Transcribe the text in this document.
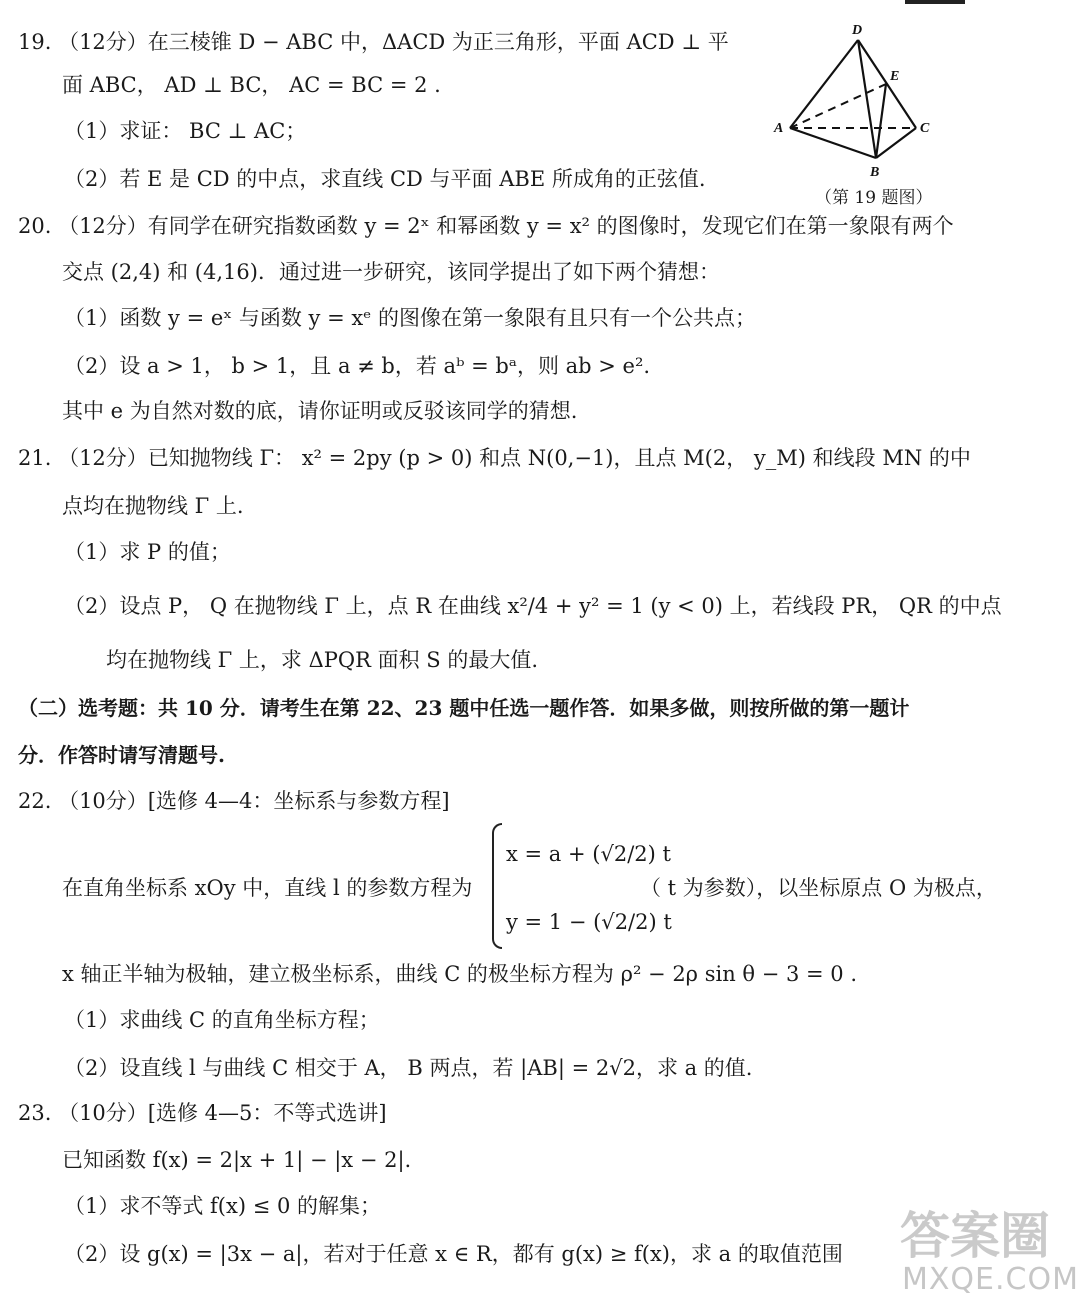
19. （12分）在三棱锥 D − ABC 中，ΔACD 为正三角形，平面 ACD ⊥ 平
面 ABC， AD ⊥ BC， AC = BC = 2 .
（1）求证： BC ⊥ AC；
（2）若 E 是 CD 的中点，求直线 CD 与平面 ABE 所成角的正弦值.
D
E
A	C
B
（第 19 题图）
20. （12分）有同学在研究指数函数 y = 2ˣ 和幂函数 y = x² 的图像时，发现它们在第一象限有两个
交点 (2,4) 和 (4,16)．通过进一步研究，该同学提出了如下两个猜想：
（1）函数 y = eˣ 与函数 y = xᵉ 的图像在第一象限有且只有一个公共点；
（2）设 a > 1， b > 1，且 a ≠ b，若 aᵇ = bᵃ，则 ab > e².
其中 e 为自然对数的底，请你证明或反驳该同学的猜想.
21. （12分）已知抛物线 Γ： x² = 2py (p > 0) 和点 N(0,−1)，且点 M(2， y_M) 和线段 MN 的中
点均在抛物线 Γ 上.
（1）求 P 的值；
（2）设点 P， Q 在抛物线 Γ 上，点 R 在曲线 x²/4 + y² = 1 (y < 0) 上，若线段 PR， QR 的中点
均在抛物线 Γ 上，求 ΔPQR 面积 S 的最大值.
（二）选考题：共 10 分．请考生在第 22、23 题中任选一题作答．如果多做，则按所做的第一题计
分．作答时请写清题号.
22. （10分）[选修 4—4：坐标系与参数方程]
x = a + (√2/2) t
y = 1 − (√2/2) t
在直角坐标系 xOy 中，直线 l 的参数方程为	（ t 为参数），以坐标原点 O 为极点，
x 轴正半轴为极轴，建立极坐标系，曲线 C 的极坐标方程为 ρ² − 2ρ sin θ − 3 = 0 .
（1）求曲线 C 的直角坐标方程；
（2）设直线 l 与曲线 C 相交于 A， B 两点，若 |AB| = 2√2，求 a 的值.
23. （10分）[选修 4—5：不等式选讲]
已知函数 f(x) = 2|x + 1| − |x − 2|.
（1）求不等式 f(x) ≤ 0 的解集；
（2）设 g(x) = |3x − a|，若对于任意 x ∈ R，都有 g(x) ≥ f(x)，求 a 的取值范围 答案圈
MXQE.COM
